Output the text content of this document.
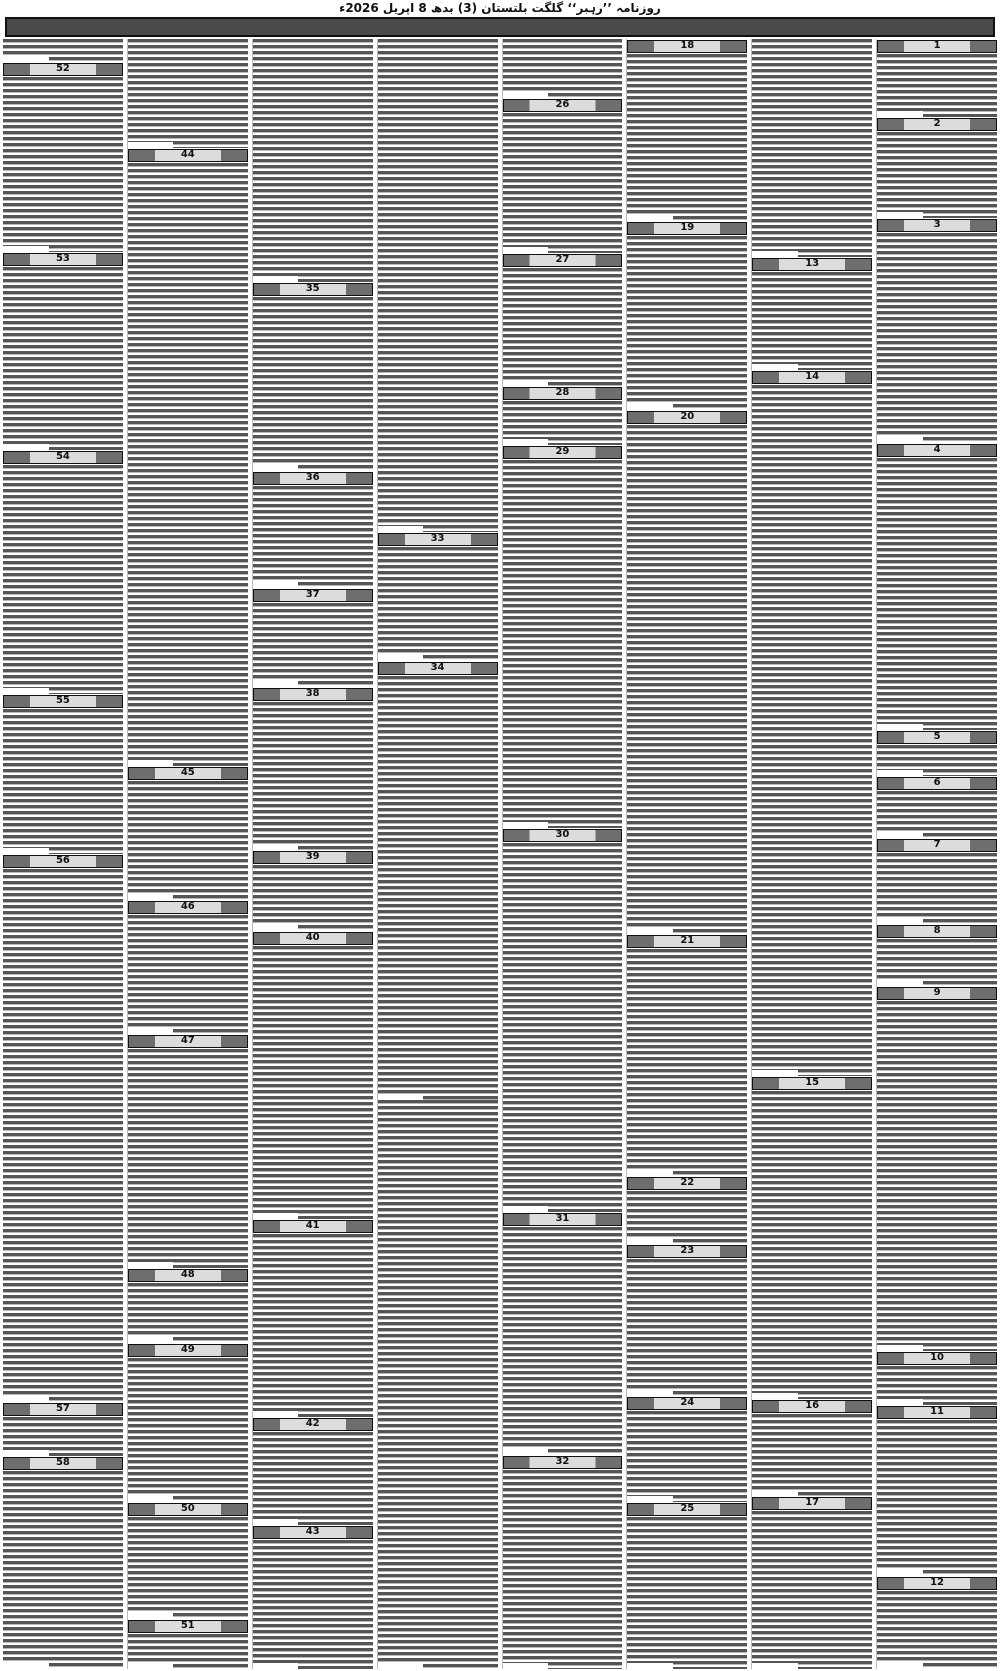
روزنامہ ’’رہبر‘‘ گلگت بلتستان (3) بدھ 8 اپریل 2026ء
1
2
3
4
5
6
7
8
9
10
11
12
13
14
15
16
17
18
19
20
21
22
23
24
25
26
27
28
29
30
31
32
33
34
35
36
37
38
39
40
41
42
43
44
45
46
47
48
49
50
51
52
53
54
55
56
57
58
